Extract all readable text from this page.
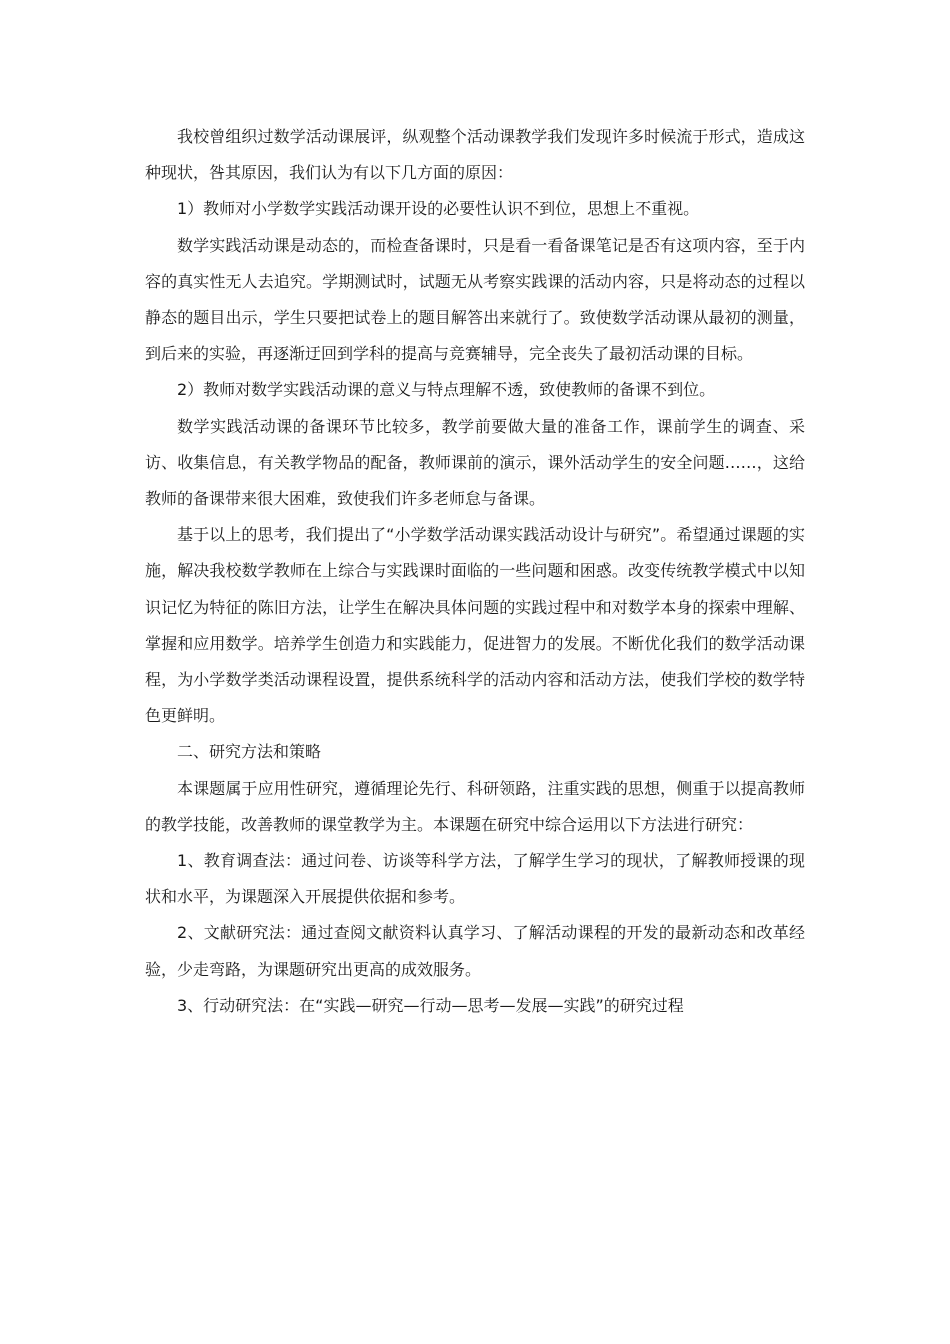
我校曾组织过数学活动课展评，纵观整个活动课教学我们发现许多时候流于形式，造成这种现状，咎其原因，我们认为有以下几方面的原因：

1）教师对小学数学实践活动课开设的必要性认识不到位，思想上不重视。

数学实践活动课是动态的，而检查备课时，只是看一看备课笔记是否有这项内容，至于内容的真实性无人去追究。学期测试时，试题无从考察实践课的活动内容，只是将动态的过程以静态的题目出示，学生只要把试卷上的题目解答出来就行了。致使数学活动课从最初的测量，到后来的实验，再逐渐迂回到学科的提高与竞赛辅导，完全丧失了最初活动课的目标。

2）教师对数学实践活动课的意义与特点理解不透，致使教师的备课不到位。

数学实践活动课的备课环节比较多，教学前要做大量的准备工作，课前学生的调查、采访、收集信息，有关教学物品的配备，教师课前的演示，课外活动学生的安全问题……，这给教师的备课带来很大困难，致使我们许多老师怠与备课。

基于以上的思考，我们提出了“小学数学活动课实践活动设计与研究”。希望通过课题的实施，解决我校数学教师在上综合与实践课时面临的一些问题和困惑。改变传统教学模式中以知识记忆为特征的陈旧方法，让学生在解决具体问题的实践过程中和对数学本身的探索中理解、掌握和应用数学。培养学生创造力和实践能力，促进智力的发展。不断优化我们的数学活动课程，为小学数学类活动课程设置，提供系统科学的活动内容和活动方法，使我们学校的数学特色更鲜明。

二、研究方法和策略

本课题属于应用性研究，遵循理论先行、科研领路，注重实践的思想，侧重于以提高教师的教学技能，改善教师的课堂教学为主。本课题在研究中综合运用以下方法进行研究：

1、教育调查法：通过问卷、访谈等科学方法，了解学生学习的现状，了解教师授课的现状和水平，为课题深入开展提供依据和参考。

2、文献研究法：通过查阅文献资料认真学习、了解活动课程的开发的最新动态和改革经验，少走弯路，为课题研究出更高的成效服务。

3、行动研究法：在“实践—研究—行动—思考—发展—实践”的研究过程
